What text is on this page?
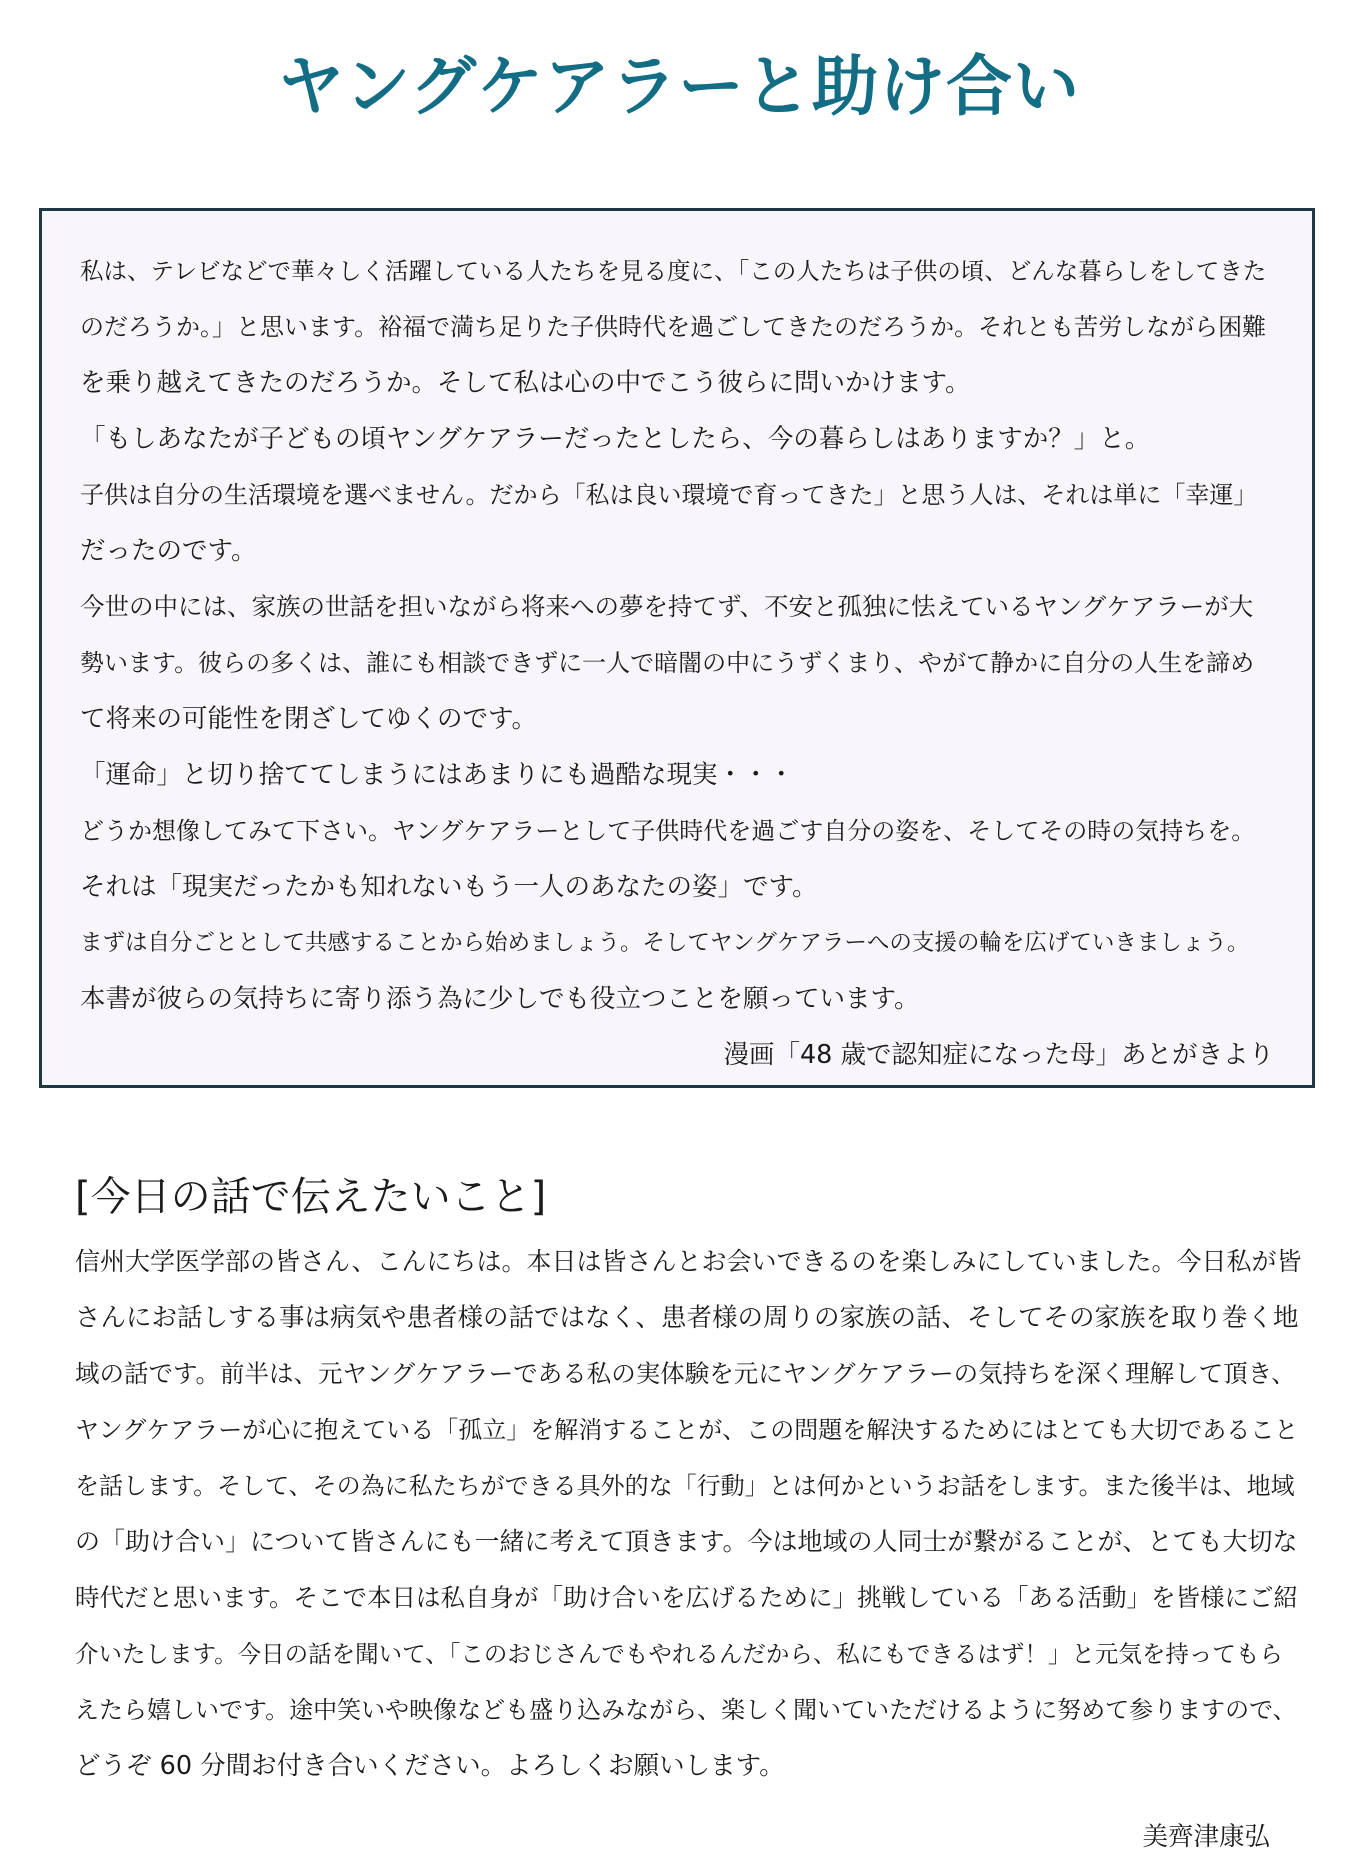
ヤングケアラーと助け合い

私は、テレビなどで華々しく活躍している人たちを見る度に、「この人たちは子供の頃、どんな暮らしをしてきた

のだろうか。」と思います。裕福で満ち足りた子供時代を過ごしてきたのだろうか。それとも苦労しながら困難

を乗り越えてきたのだろうか。そして私は心の中でこう彼らに問いかけます。

「もしあなたが子どもの頃ヤングケアラーだったとしたら、今の暮らしはありますか？」と。

子供は自分の生活環境を選べません。だから「私は良い環境で育ってきた」と思う人は、それは単に「幸運」

だったのです。

今世の中には、家族の世話を担いながら将来への夢を持てず、不安と孤独に怯えているヤングケアラーが大

勢います。彼らの多くは、誰にも相談できずに一人で暗闇の中にうずくまり、やがて静かに自分の人生を諦め

て将来の可能性を閉ざしてゆくのです。

「運命」と切り捨ててしまうにはあまりにも過酷な現実・・・

どうか想像してみて下さい。ヤングケアラーとして子供時代を過ごす自分の姿を、そしてその時の気持ちを。

それは「現実だったかも知れないもう一人のあなたの姿」です。

まずは自分ごととして共感することから始めましょう。そしてヤングケアラーへの支援の輪を広げていきましょう。

本書が彼らの気持ちに寄り添う為に少しでも役立つことを願っています。

漫画「48 歳で認知症になった母」あとがきより

[今日の話で伝えたいこと]

信州大学医学部の皆さん、こんにちは。本日は皆さんとお会いできるのを楽しみにしていました。今日私が皆

さんにお話しする事は病気や患者様の話ではなく、患者様の周りの家族の話、そしてその家族を取り巻く地

域の話です。前半は、元ヤングケアラーである私の実体験を元にヤングケアラーの気持ちを深く理解して頂き、

ヤングケアラーが心に抱えている「孤立」を解消することが、この問題を解決するためにはとても大切であること

を話します。そして、その為に私たちができる具外的な「行動」とは何かというお話をします。また後半は、地域

の「助け合い」について皆さんにも一緒に考えて頂きます。今は地域の人同士が繋がることが、とても大切な

時代だと思います。そこで本日は私自身が「助け合いを広げるために」挑戦している「ある活動」を皆様にご紹

介いたします。今日の話を聞いて、「このおじさんでもやれるんだから、私にもできるはず！」と元気を持ってもら

えたら嬉しいです。途中笑いや映像なども盛り込みながら、楽しく聞いていただけるように努めて参りますので、

どうぞ 60 分間お付き合いください。よろしくお願いします。

美齊津康弘
